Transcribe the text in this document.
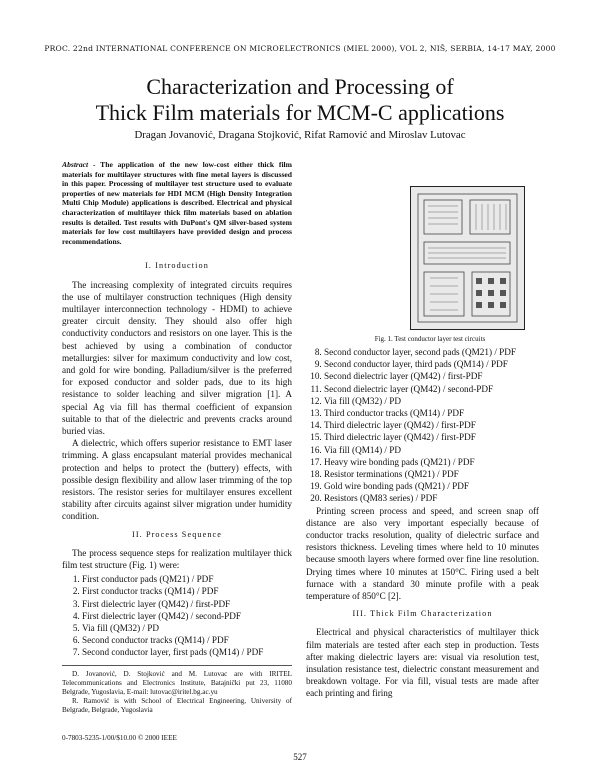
PROC. 22nd INTERNATIONAL CONFERENCE ON MICROELECTRONICS (MIEL 2000), VOL 2, NIŠ, SERBIA, 14-17 MAY, 2000
Characterization and Processing of
Thick Film materials for MCM-C applications
Dragan Jovanović, Dragana Stojković, Rifat Ramović and Miroslav Lutovac
Abstract - The application of the new low-cost either thick film materials for multilayer structures with fine metal layers is discussed in this paper. Processing of multilayer test structure used to evaluate properties of new materials for HDI MCM (High Density Integration Multi Chip Module) applications is described. Electrical and physical characterization of multilayer thick film materials based on ablation results is detailed. Test results with DuPont's QM silver-based system materials for low cost multilayers have provided design and process recommendations.
I. Introduction

The increasing complexity of integrated circuits requires the use of multilayer construction techniques (High density multilayer interconnection technology - HDMI) to achieve greater circuit density. They should also offer high conductivity conductors and resistors on one layer. This is the best achieved by using a combination of conductor metallurgies: silver for maximum conductivity and low cost, and gold for wire bonding. Palladium/silver is the preferred for exposed conductor and solder pads, due to its high resistance to solder leaching and silver migration [1]. A special Ag via fill has thermal coefficient of expansion suitable to that of the dielectric and prevents cracks around buried vias.

A dielectric, which offers superior resistance to EMT laser trimming. A glass encapsulant material provides mechanical protection and helps to protect the (buttery) effects, with possible design flexibility and allow laser trimming of the top resistors. The resistor series for multilayer ensures excellent stability after circuits against silver migration under humidity condition.

II. Process Sequence

The process sequence steps for realization multilayer thick film test structure (Fig. 1) were:

1. First conductor pads (QM21) / PDF
2. First conductor tracks (QM14) / PDF
3. First dielectric layer (QM42) / first-PDF
4. First dielectric layer (QM42) / second-PDF
5. Via fill (QM32) / PD
6. Second conductor tracks (QM14) / PDF
7. Second conductor layer, first pads (QM14) / PDF

D. Jovanović, D. Stojković and M. Lutovac are with IRITEL Telecommunications and Electronics Institute, Batajnički put 23, 11080 Belgrade, Yugoslavia, E-mail: lutovac@iritel.bg.ac.yu

R. Ramović is with School of Electrical Engineering, University of Belgrade, Belgrade, Yugoslavia

Fig. 1. Test conductor layer test circuits
8. Second conductor layer, second pads (QM21) / PDF
9. Second conductor layer, third pads (QM14) / PDF
10. Second dielectric layer (QM42) / first-PDF
11. Second dielectric layer (QM42) / second-PDF
12. Via fill (QM32) / PD
13. Third conductor tracks (QM14) / PDF
14. Third dielectric layer (QM42) / first-PDF
15. Third dielectric layer (QM42) / first-PDF
16. Via fill (QM14) / PD
17. Heavy wire bonding pads (QM21) / PDF
18. Resistor terminations (QM21) / PDF
19. Gold wire bonding pads (QM21) / PDF
20. Resistors (QM83 series) / PDF

Printing screen process and speed, and screen snap off distance are also very important especially because of conductor tracks resolution, quality of dielectric surface and resistors thickness. Leveling times where held to 10 minutes because smooth layers where formed over fine line resolution. Drying times where 10 minutes at 150°C. Firing used a belt furnace with a standard 30 minute profile with a peak temperature of 850°C [2].

III. Thick Film Characterization

Electrical and physical characteristics of multilayer thick film materials are tested after each step in production. Tests after making dielectric layers are: visual via resolution test, insulation resistance test, dielectric constant measurement and breakdown voltage. For via fill, visual tests are made after each printing and firing

0-7803-5235-1/00/$10.00 © 2000 IEEE
527
